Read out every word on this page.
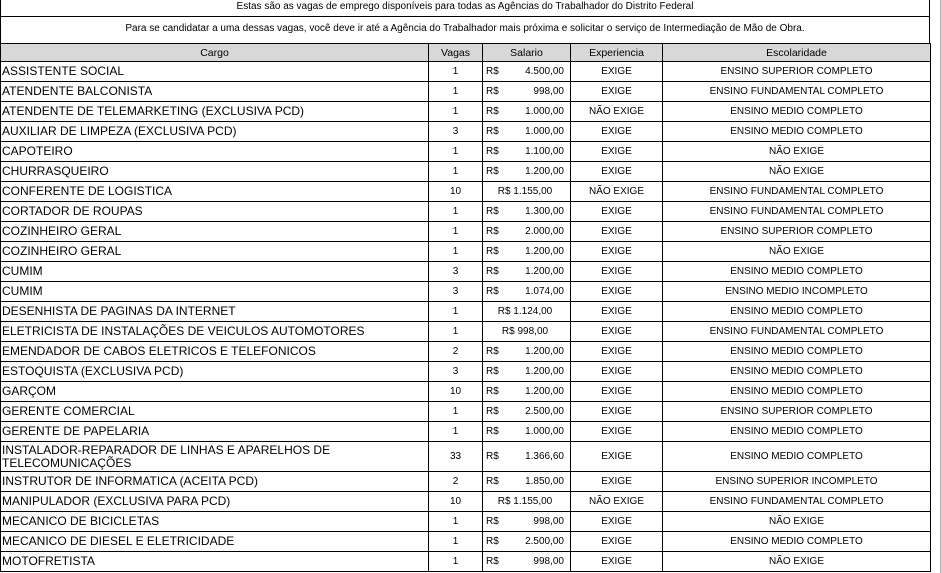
Estas são as vagas de emprego disponíveis para todas as Agências do Trabalhador do Distrito Federal
Para se candidatar a uma dessas vagas, você deve ir até a Agência do Trabalhador mais próxima e solicitar o serviço de Intermediação de Mão de Obra.
Cargo	Vagas	Salario	Experiencia	Escolaridade
ASSISTENTE SOCIAL	1	R$ 4.500,00	EXIGE	ENSINO SUPERIOR COMPLETO
ATENDENTE BALCONISTA	1	R$ 998,00	EXIGE	ENSINO FUNDAMENTAL COMPLETO
ATENDENTE DE TELEMARKETING (EXCLUSIVA PCD)	1	R$ 1.000,00	NÃO EXIGE	ENSINO MEDIO COMPLETO
AUXILIAR DE LIMPEZA (EXCLUSIVA PCD)	3	R$ 1.000,00	EXIGE	ENSINO MEDIO COMPLETO
CAPOTEIRO	1	R$ 1.100,00	EXIGE	NÃO EXIGE
CHURRASQUEIRO	1	R$ 1.200,00	EXIGE	NÃO EXIGE
CONFERENTE DE LOGISTICA	10	R$ 1.155,00	NÃO EXIGE	ENSINO FUNDAMENTAL COMPLETO
CORTADOR DE ROUPAS	1	R$ 1.300,00	EXIGE	ENSINO FUNDAMENTAL COMPLETO
COZINHEIRO GERAL	1	R$ 2.000,00	EXIGE	ENSINO SUPERIOR COMPLETO
COZINHEIRO GERAL	1	R$ 1.200,00	EXIGE	NÃO EXIGE
CUMIM	3	R$ 1.200,00	EXIGE	ENSINO MEDIO COMPLETO
CUMIM	3	R$ 1.074,00	EXIGE	ENSINO MEDIO INCOMPLETO
DESENHISTA DE PAGINAS DA INTERNET	1	R$ 1.124,00	EXIGE	ENSINO MEDIO COMPLETO
ELETRICISTA DE INSTALAÇÕES DE VEICULOS AUTOMOTORES	1	R$ 998,00	EXIGE	ENSINO FUNDAMENTAL COMPLETO
EMENDADOR DE CABOS ELETRICOS E TELEFONICOS	2	R$ 1.200,00	EXIGE	ENSINO MEDIO COMPLETO
ESTOQUISTA (EXCLUSIVA PCD)	3	R$ 1.200,00	EXIGE	ENSINO MEDIO COMPLETO
GARÇOM	10	R$ 1.200,00	EXIGE	ENSINO MEDIO COMPLETO
GERENTE COMERCIAL	1	R$ 2.500,00	EXIGE	ENSINO SUPERIOR COMPLETO
GERENTE DE PAPELARIA	1	R$ 1.000,00	EXIGE	ENSINO MEDIO COMPLETO
INSTALADOR-REPARADOR DE LINHAS E APARELHOS DE TELECOMUNICAÇÕES	33	R$ 1.366,60	EXIGE	ENSINO MEDIO COMPLETO
INSTRUTOR DE INFORMATICA (ACEITA PCD)	2	R$ 1.850,00	EXIGE	ENSINO SUPERIOR INCOMPLETO
MANIPULADOR (EXCLUSIVA PARA PCD)	10	R$ 1.155,00	NÃO EXIGE	ENSINO FUNDAMENTAL COMPLETO
MECANICO DE BICICLETAS	1	R$ 998,00	EXIGE	NÃO EXIGE
MECANICO DE DIESEL E ELETRICIDADE	1	R$ 2.500,00	EXIGE	ENSINO MEDIO COMPLETO
MOTOFRETISTA	1	R$ 998,00	EXIGE	NÃO EXIGE
